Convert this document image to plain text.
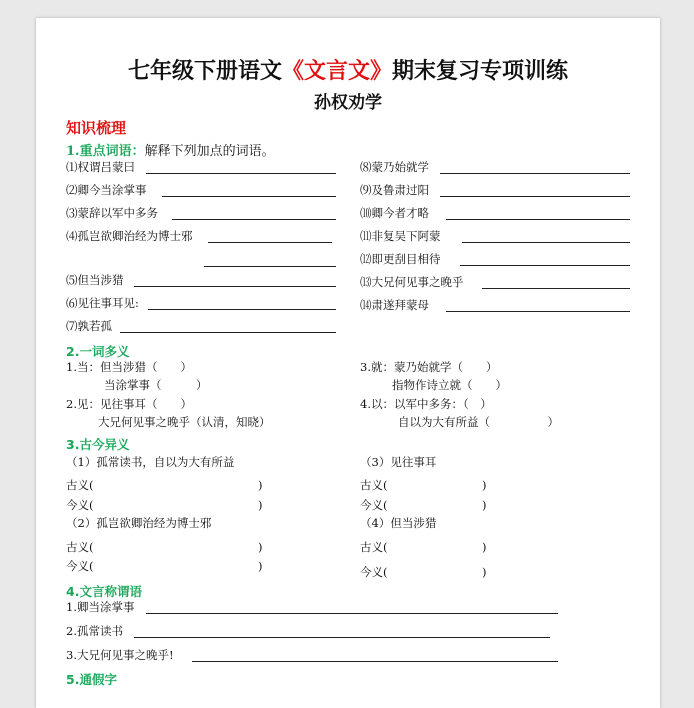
七年级下册语文《文言文》期末复习专项训练
孙权劝学
知识梳理
1.重点词语：解释下列加点的词语。
⑴权谓吕蒙曰
⑵卿今当涂掌事
⑶蒙辞以军中多务
⑷孤岂欲卿治经为博士邪
⑸但当涉猎
⑹见往事耳见:
⑺孰若孤
⑻蒙乃始就学
⑼及鲁肃过阳
⑽卿今者才略
⑾非复吴下阿蒙
⑿即更刮目相待
⒀大兄何见事之晚乎
⒁肃遂拜蒙母
2.一词多义
1.当：但当涉猎（　　）
当涂掌事（　　　）
2.见：见往事耳（　　）
大兄何见事之晚乎（认清，知晓）
3.就：蒙乃始就学（　　）
指物作诗立就（　　）
4.以：以军中多务：（　）
自以为大有所益（　　　　　）
3.古今异义
（1）孤常读书，自以为大有所益	（3）见往事耳
古义(	)
今义(	)
古义(	)
今义(	)
（2）孤岂欲卿治经为博士邪	（4）但当涉猎
古义(	)
今义(	)
古义(	)
今义(	)
4.文言称谓语
1.卿当涂掌事
2.孤常读书
3.大兄何见事之晚乎!
5.通假字
